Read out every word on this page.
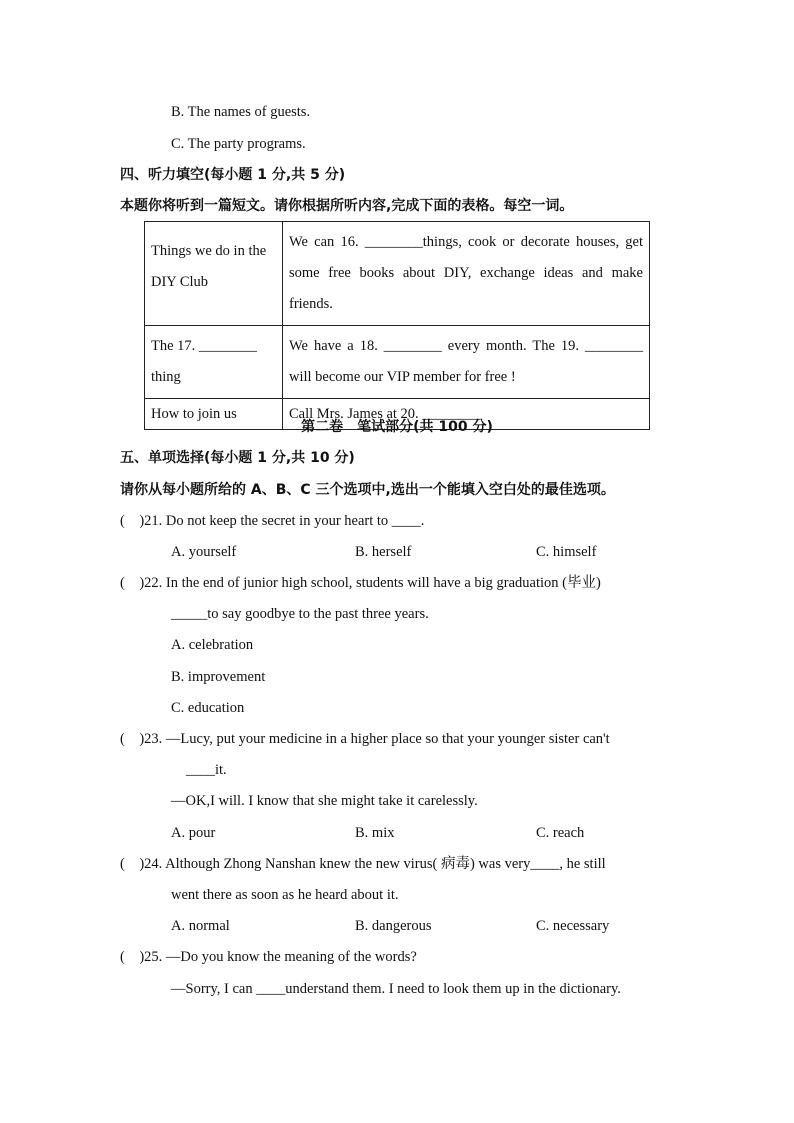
B. The names of guests.
C. The party programs.
四、听力填空(每小题 1 分,共 5 分)
本题你将听到一篇短文。请你根据所听内容,完成下面的表格。每空一词。
Things we do in the DIY Club	We can 16. ________things, cook or decorate houses, get some free books about DIY, exchange ideas and make friends.
The 17. ________ thing	We have a 18. ________ every month. The 19. ________ will become our VIP member for free !
How to join us	Call Mrs. James at 20. ________
第二卷　笔试部分(共 100 分)
五、单项选择(每小题 1 分,共 10 分)
请你从每小题所给的 A、B、C 三个选项中,选出一个能填入空白处的最佳选项。
(　)21. Do not keep the secret in your heart to ____.
A. yourself	B. herself	C. himself
(　)22. In the end of junior high school, students will have a big graduation (毕业)
_____to say goodbye to the past three years.
A. celebration
B. improvement
C. education
(　)23. —Lucy, put your medicine in a higher place so that your younger sister can't
____it.
—OK,I will. I know that she might take it carelessly.
A. pour	B. mix	C. reach
(　)24. Although Zhong Nanshan knew the new virus( 病毒) was very____, he still
went there as soon as he heard about it.
A. normal	B. dangerous	C. necessary
(　)25. —Do you know the meaning of the words?
—Sorry, I can ____understand them. I need to look them up in the dictionary.
